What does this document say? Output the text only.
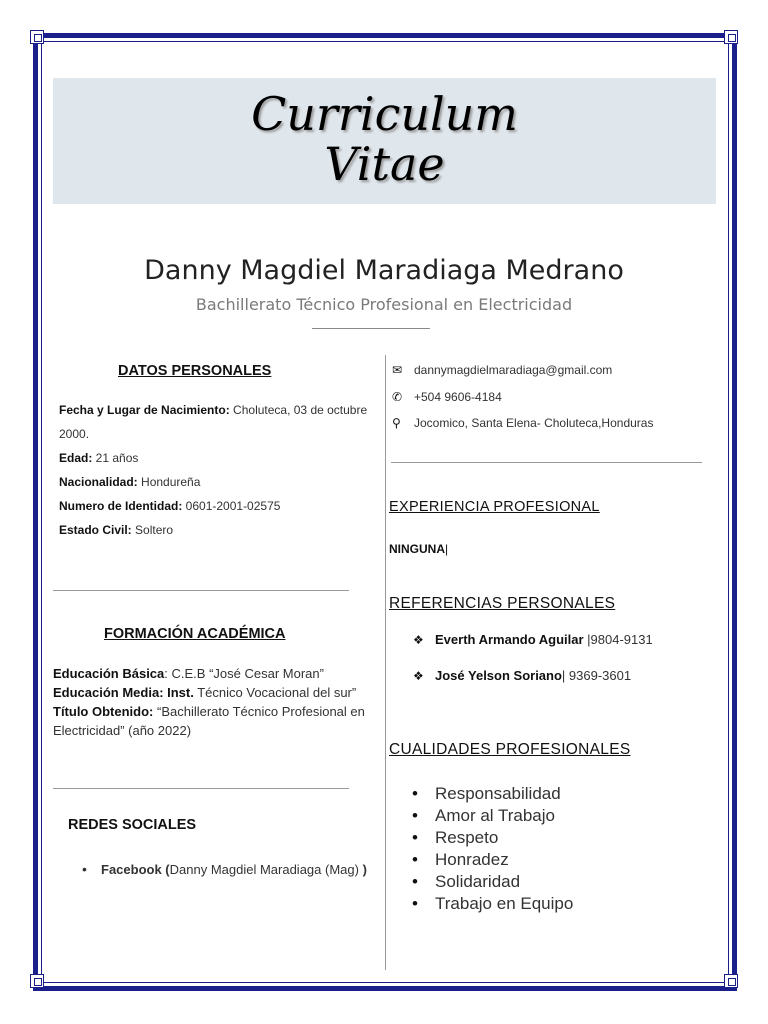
Curriculum
Vitae
Danny Magdiel Maradiaga Medrano
Bachillerato Técnico Profesional en Electricidad
DATOS PERSONALES
Fecha y Lugar de Nacimiento: Choluteca, 03 de octubre 2000.
Edad: 21 años
Nacionalidad: Hondureña
Numero de Identidad: 0601-2001-02575
Estado Civil: Soltero
FORMACIÓN ACADÉMICA
Educación Básica: C.E.B “José Cesar Moran”
Educación Media: Inst. Técnico Vocacional del sur”
Título Obtenido: “Bachillerato Técnico Profesional en Electricidad” (año 2022)
REDES SOCIALES
• Facebook (Danny Magdiel Maradiaga (Mag) )
✉ dannymagdielmaradiaga@gmail.com
✆ +504 9606-4184
⚲ Jocomico, Santa Elena- Choluteca,Honduras
EXPERIENCIA PROFESIONAL
NINGUNA|
REFERENCIAS PERSONALES
❖ Everth Armando Aguilar |9804-9131
❖ José Yelson Soriano| 9369-3601
CUALIDADES PROFESIONALES
• Responsabilidad
• Amor al Trabajo
• Respeto
• Honradez
• Solidaridad
• Trabajo en Equipo
